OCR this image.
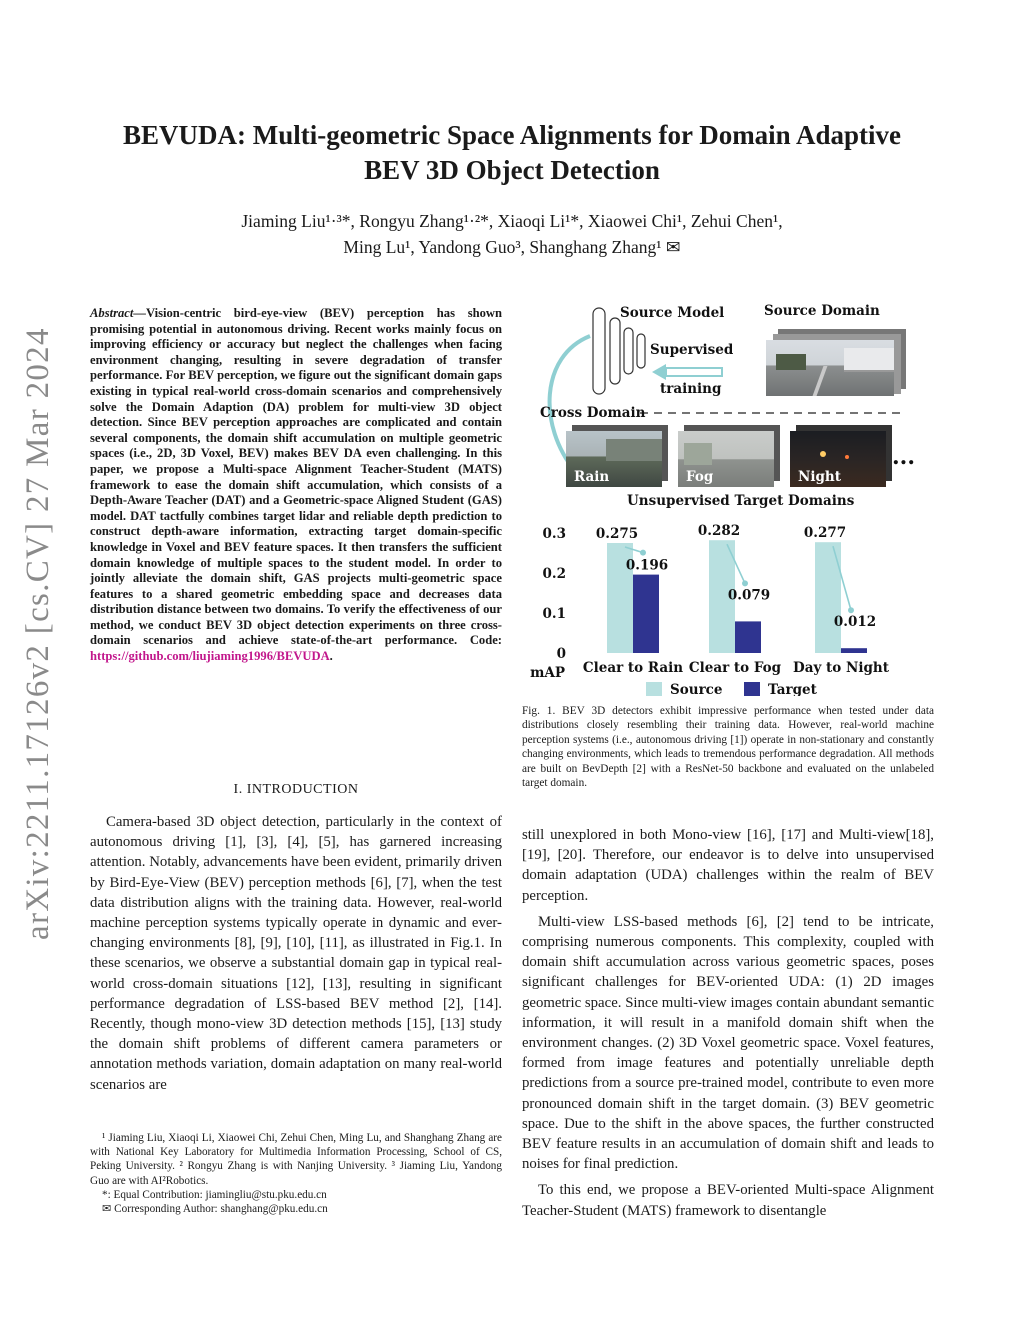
arXiv:2211.17126v2 [cs.CV] 27 Mar 2024
BEVUDA: Multi-geometric Space Alignments for Domain Adaptive
BEV 3D Object Detection
Jiaming Liu¹·³*, Rongyu Zhang¹·²*, Xiaoqi Li¹*, Xiaowei Chi¹, Zehui Chen¹,
Ming Lu¹, Yandong Guo³, Shanghang Zhang¹ ✉
Abstract—Vision-centric bird-eye-view (BEV) perception has shown promising potential in autonomous driving. Recent works mainly focus on improving efficiency or accuracy but neglect the challenges when facing environment changing, resulting in severe degradation of transfer performance. For BEV perception, we figure out the significant domain gaps existing in typical real-world cross-domain scenarios and comprehensively solve the Domain Adaption (DA) problem for multi-view 3D object detection. Since BEV perception approaches are complicated and contain several components, the domain shift accumulation on multiple geometric spaces (i.e., 2D, 3D Voxel, BEV) makes BEV DA even challenging. In this paper, we propose a Multi-space Alignment Teacher-Student (MATS) framework to ease the domain shift accumulation, which consists of a Depth-Aware Teacher (DAT) and a Geometric-space Aligned Student (GAS) model. DAT tactfully combines target lidar and reliable depth prediction to construct depth-aware information, extracting target domain-specific knowledge in Voxel and BEV feature spaces. It then transfers the sufficient domain knowledge of multiple spaces to the student model. In order to jointly alleviate the domain shift, GAS projects multi-geometric space features to a shared geometric embedding space and decreases data distribution distance between two domains. To verify the effectiveness of our method, we conduct BEV 3D object detection experiments on three cross-domain scenarios and achieve state-of-the-art performance. Code: https://github.com/liujiaming1996/BEVUDA.
I. INTRODUCTION

Camera-based 3D object detection, particularly in the context of autonomous driving [1], [3], [4], [5], has garnered increasing attention. Notably, advancements have been evident, primarily driven by Bird-Eye-View (BEV) perception methods [6], [7], when the test data distribution aligns with the training data. However, real-world machine perception systems typically operate in dynamic and ever-changing environments [8], [9], [10], [11], as illustrated in Fig.1. In these scenarios, we observe a substantial domain gap in typical real-world cross-domain situations [12], [13], resulting in significant performance degradation of LSS-based BEV method [2], [14]. Recently, though mono-view 3D detection methods [15], [13] study the domain shift problems of different camera parameters or annotation methods variation, domain adaptation on many real-world scenarios are

¹ Jiaming Liu, Xiaoqi Li, Xiaowei Chi, Zehui Chen, Ming Lu, and Shanghang Zhang are with National Key Laboratory for Multimedia Information Processing, School of CS, Peking University. ² Rongyu Zhang is with Nanjing University. ³ Jiaming Liu, Yandong Guo are with AI²Robotics.

*: Equal Contribution: jiamingliu@stu.pku.edu.cn

✉ Corresponding Author: shanghang@pku.edu.cn

Source Model	Source Domain
Supervised
training
Cross Domain
Rain	Fog	Night
...
Unsupervised Target Domains
0
0.1
0.2
0.3
mAP
0.275
0.196
0.282
0.079
0.277
0.012
Clear to Rain Clear to Fog Day to Night
Source	Target
Fig. 1. BEV 3D detectors exhibit impressive performance when tested under data distributions closely resembling their training data. However, real-world machine perception systems (i.e., autonomous driving [1]) operate in non-stationary and constantly changing environments, which leads to tremendous performance degradation. All methods are built on BevDepth [2] with a ResNet-50 backbone and evaluated on the unlabeled target domain.

still unexplored in both Mono-view [16], [17] and Multi-view[18], [19], [20]. Therefore, our endeavor is to delve into unsupervised domain adaptation (UDA) challenges within the realm of BEV perception.

Multi-view LSS-based methods [6], [2] tend to be intricate, comprising numerous components. This complexity, coupled with domain shift accumulation across various geometric spaces, poses significant challenges for BEV-oriented UDA: (1) 2D images geometric space. Since multi-view images contain abundant semantic information, it will result in a manifold domain shift when the environment changes. (2) 3D Voxel geometric space. Voxel features, formed from image features and potentially unreliable depth predictions from a source pre-trained model, contribute to even more pronounced domain shift in the target domain. (3) BEV geometric space. Due to the shift in the above spaces, the further constructed BEV feature results in an accumulation of domain shift and leads to noises for final prediction.

To this end, we propose a BEV-oriented Multi-space Alignment Teacher-Student (MATS) framework to disentangle
